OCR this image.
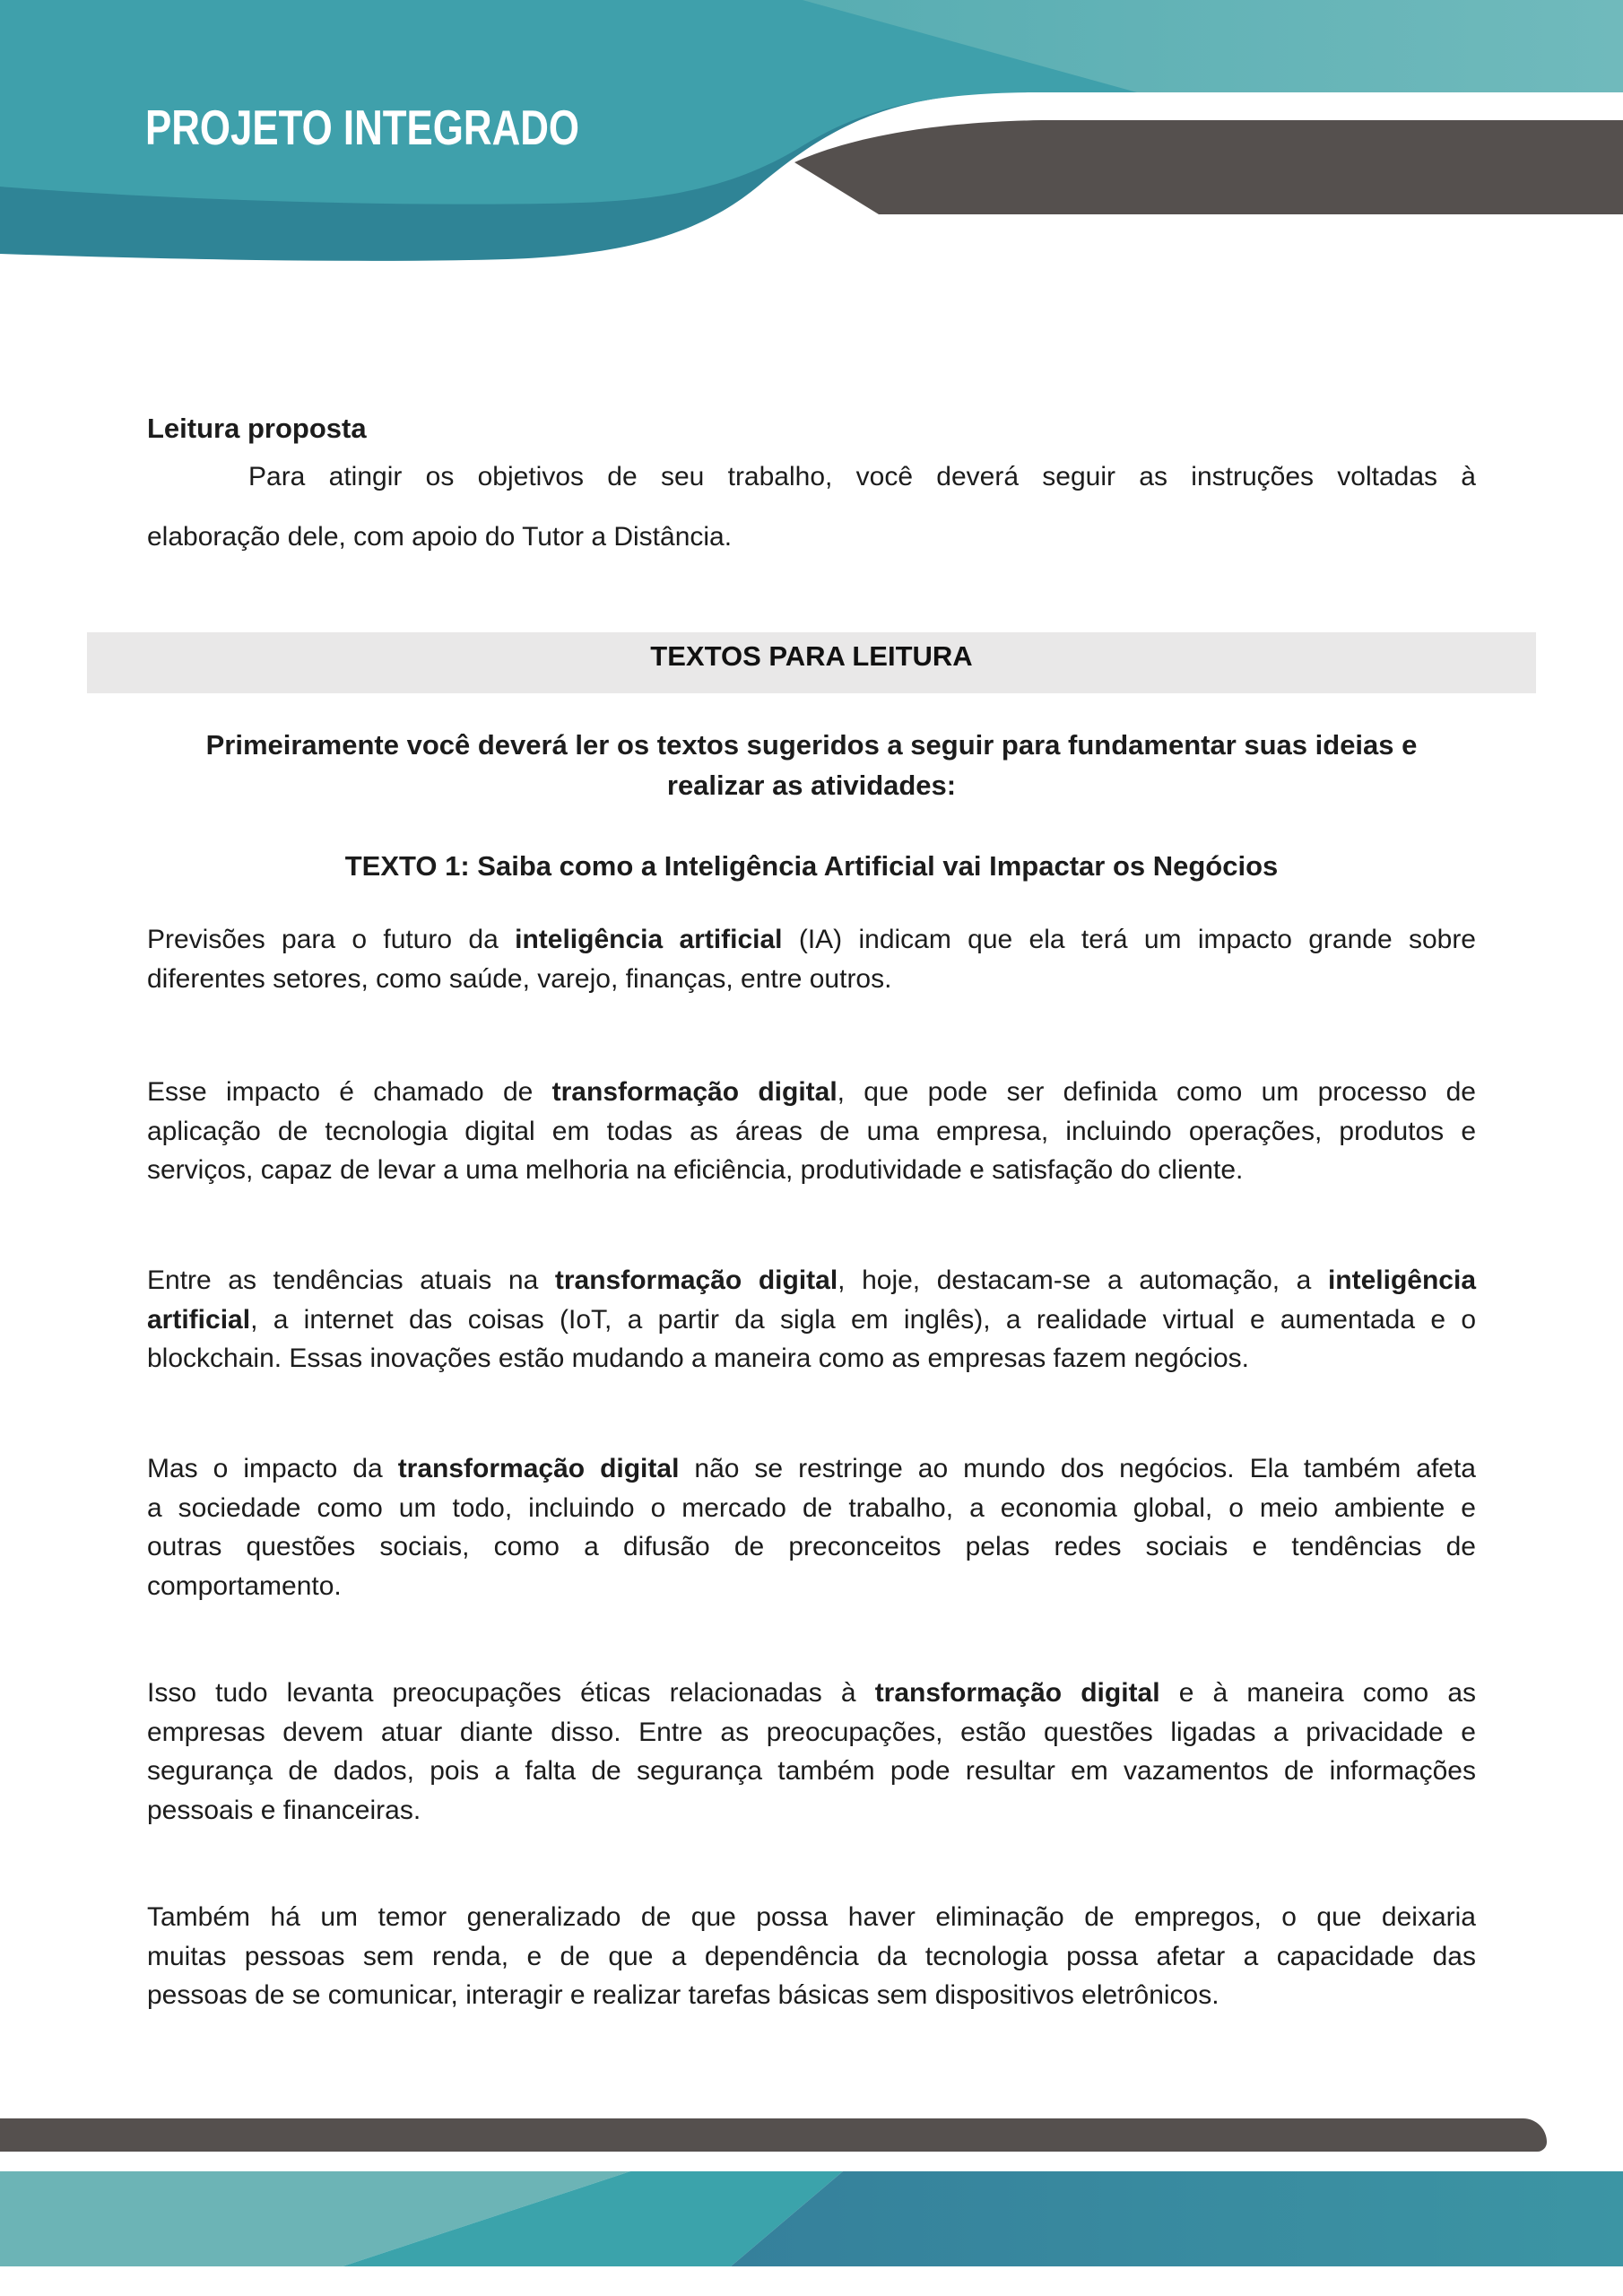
PROJETO INTEGRADO
Leitura proposta
Para atingir os objetivos de seu trabalho, você deverá seguir as instruções voltadas à
elaboração dele, com apoio do Tutor a Distância.
TEXTOS PARA LEITURA
Primeiramente você deverá ler os textos sugeridos a seguir para fundamentar suas ideias e
realizar as atividades:
TEXTO 1: Saiba como a Inteligência Artificial vai Impactar os Negócios
Previsões para o futuro da inteligência artificial (IA) indicam que ela terá um impacto grande sobre
diferentes setores, como saúde, varejo, finanças, entre outros.
Esse impacto é chamado de transformação digital, que pode ser definida como um processo de
aplicação de tecnologia digital em todas as áreas de uma empresa, incluindo operações, produtos e
serviços, capaz de levar a uma melhoria na eficiência, produtividade e satisfação do cliente.
Entre as tendências atuais na transformação digital, hoje, destacam-se a automação, a inteligência
artificial, a internet das coisas (IoT, a partir da sigla em inglês), a realidade virtual e aumentada e o
blockchain. Essas inovações estão mudando a maneira como as empresas fazem negócios.
Mas o impacto da transformação digital não se restringe ao mundo dos negócios. Ela também afeta
a sociedade como um todo, incluindo o mercado de trabalho, a economia global, o meio ambiente e
outras questões sociais, como a difusão de preconceitos pelas redes sociais e tendências de
comportamento.
Isso tudo levanta preocupações éticas relacionadas à transformação digital e à maneira como as
empresas devem atuar diante disso. Entre as preocupações, estão questões ligadas a privacidade e
segurança de dados, pois a falta de segurança também pode resultar em vazamentos de informações
pessoais e financeiras.
Também há um temor generalizado de que possa haver eliminação de empregos, o que deixaria
muitas pessoas sem renda, e de que a dependência da tecnologia possa afetar a capacidade das
pessoas de se comunicar, interagir e realizar tarefas básicas sem dispositivos eletrônicos.
